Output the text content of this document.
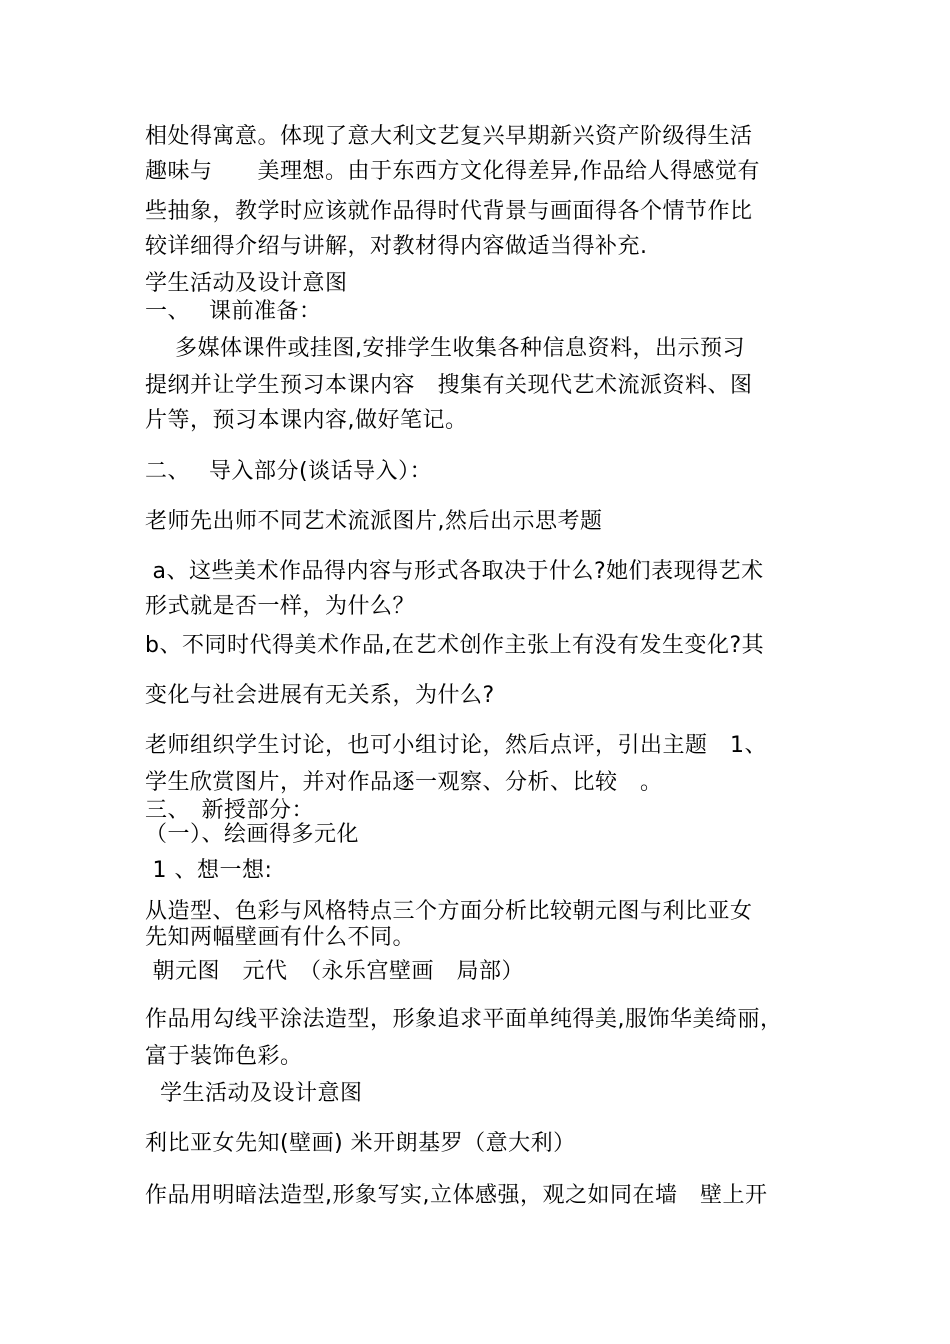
相处得寓意。体现了意大利文艺复兴早期新兴资产阶级得生活
趣味与　　美理想。由于东西方文化得差异,作品给人得感觉有
些抽象，教学时应该就作品得时代背景与画面得各个情节作比
较详细得介绍与讲解，对教材得内容做适当得补充.
学生活动及设计意图
一、　 课前准备：
　 多媒体课件或挂图,安排学生收集各种信息资料，出示预习
提纲并让学生预习本课内容　搜集有关现代艺术流派资料、图
片等，预习本课内容,做好笔记。
二、　 导入部分(谈话导入）：
老师先出师不同艺术流派图片,然后出示思考题
a、这些美术作品得内容与形式各取决于什么?她们表现得艺术
形式就是否一样，为什么？
b、不同时代得美术作品,在艺术创作主张上有没有发生变化?其
变化与社会进展有无关系，为什么?
老师组织学生讨论，也可小组讨论，然后点评，引出主题　1、
学生欣赏图片，并对作品逐一观察、分析、比较　。
三、　新授部分：
（一）、绘画得多元化
1 、想一想:
从造型、色彩与风格特点三个方面分析比较朝元图与利比亚女
先知两幅壁画有什么不同。
朝元图　元代　（永乐宫壁画　局部）
作品用勾线平涂法造型，形象追求平面单纯得美,服饰华美绮丽，
富于装饰色彩。
学生活动及设计意图
利比亚女先知(壁画) 米开朗基罗（意大利）
作品用明暗法造型,形象写实,立体感强，观之如同在墙　壁上开
